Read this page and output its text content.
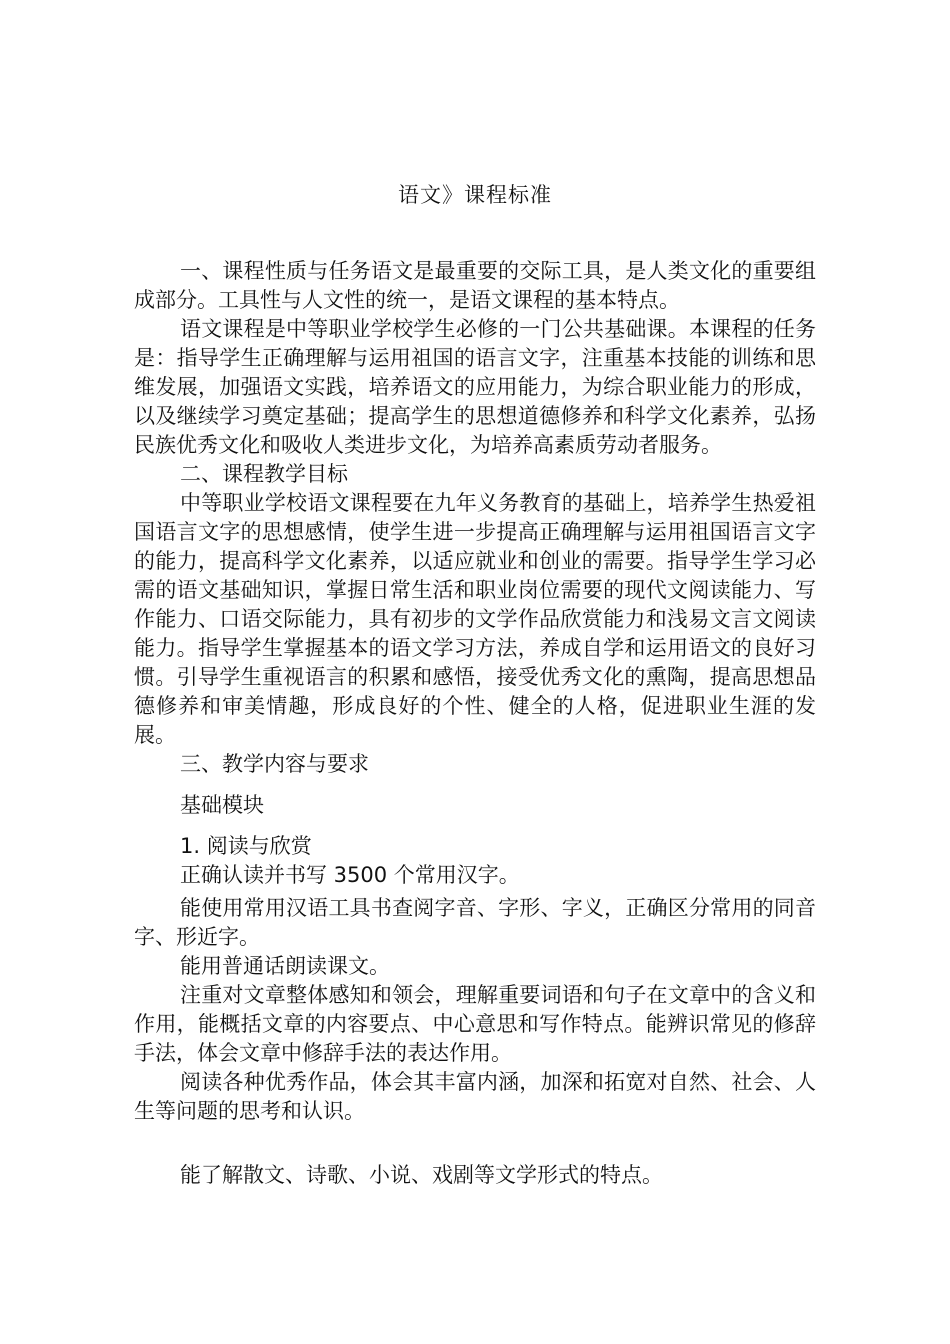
语文》课程标准

一、课程性质与任务语文是最重要的交际工具，是人类文化的重要组成部分。工具性与人文性的统一，是语文课程的基本特点。

语文课程是中等职业学校学生必修的一门公共基础课。本课程的任务是：指导学生正确理解与运用祖国的语言文字，注重基本技能的训练和思维发展，加强语文实践，培养语文的应用能力，为综合职业能力的形成，以及继续学习奠定基础；提高学生的思想道德修养和科学文化素养，弘扬民族优秀文化和吸收人类进步文化，为培养高素质劳动者服务。

二、课程教学目标

中等职业学校语文课程要在九年义务教育的基础上，培养学生热爱祖国语言文字的思想感情，使学生进一步提高正确理解与运用祖国语言文字的能力，提高科学文化素养，以适应就业和创业的需要。指导学生学习必需的语文基础知识，掌握日常生活和职业岗位需要的现代文阅读能力、写作能力、口语交际能力，具有初步的文学作品欣赏能力和浅易文言文阅读能力。指导学生掌握基本的语文学习方法，养成自学和运用语文的良好习惯。引导学生重视语言的积累和感悟，接受优秀文化的熏陶，提高思想品德修养和审美情趣，形成良好的个性、健全的人格，促进职业生涯的发展。

三、教学内容与要求

基础模块

1. 阅读与欣赏

正确认读并书写 3500 个常用汉字。

能使用常用汉语工具书查阅字音、字形、字义，正确区分常用的同音字、形近字。

能用普通话朗读课文。

注重对文章整体感知和领会，理解重要词语和句子在文章中的含义和作用，能概括文章的内容要点、中心意思和写作特点。能辨识常见的修辞手法，体会文章中修辞手法的表达作用。

阅读各种优秀作品，体会其丰富内涵，加深和拓宽对自然、社会、人生等问题的思考和认识。

能了解散文、诗歌、小说、戏剧等文学形式的特点。
